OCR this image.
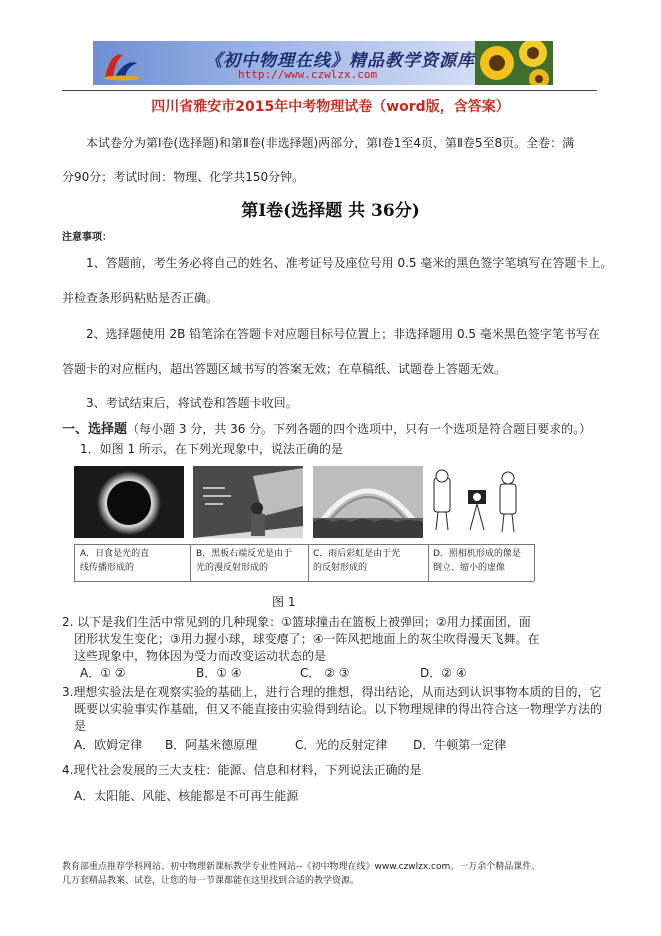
《初中物理在线》精品教学资源库
http://www.czwlzx.com
四川省雅安市2015年中考物理试卷（word版，含答案）
本试卷分为第Ⅰ卷(选择题)和第Ⅱ卷(非选择题)两部分，第Ⅰ卷1至4页，第Ⅱ卷5至8页。全卷：满
分90分；考试时间：物理、化学共150分钟。
第Ⅰ卷(选择题 共 36分)
注意事项：
1、答题前，考生务必将自己的姓名、准考证号及座位号用 0.5 毫米的黑色签字笔填写在答题卡上。
并检查条形码粘贴是否正确。
2、选择题使用 2B 铅笔涂在答题卡对应题目标号位置上；非选择题用 0.5 毫米黑色签字笔书写在
答题卡的对应框内，超出答题区域书写的答案无效；在草稿纸、试题卷上答题无效。
3、考试结束后，将试卷和答题卡收回。
一、选择题（每小题 3 分，共 36 分。下列各题的四个选项中，只有一个选项是符合题目要求的。）
1．如图 1 所示，在下列光现象中，说法正确的是
A．日食是光的直
线传播形成的
B．黑板右端反光是由于
光的漫反射形成的
C．雨后彩虹是由于光
的反射形成的
D．照相机形成的像是
倒立、缩小的虚像
图 1
2. 以下是我们生活中常见到的几种现象：①篮球撞击在篮板上被弹回；②用力揉面团，面
团形状发生变化；③用力握小球，球变瘪了；④一阵风把地面上的灰尘吹得漫天飞舞。在
这些现象中，物体因为受力而改变运动状态的是
A．① ②	B．① ④	C． ② ③	D．② ④
3.理想实验法是在观察实验的基础上，进行合理的推想，得出结论，从而达到认识事物本质的目的，它
既要以实验事实作基础，但又不能直接由实验得到结论。以下物理规律的得出符合这一物理学方法的
是
A．欧姆定律 B．阿基米德原理	C．光的反射定律 D．牛顿第一定律
4.现代社会发展的三大支柱：能源、信息和材料，下列说法正确的是
A．太阳能、风能、核能都是不可再生能源
教育部重点推荐学科网站、初中物理新课标教学专业性网站--《初中物理在线》www.czwlzx.com。一万余个精品课件、
几万套精品教案、试卷，让您的每一节课都能在这里找到合适的教学资源。
